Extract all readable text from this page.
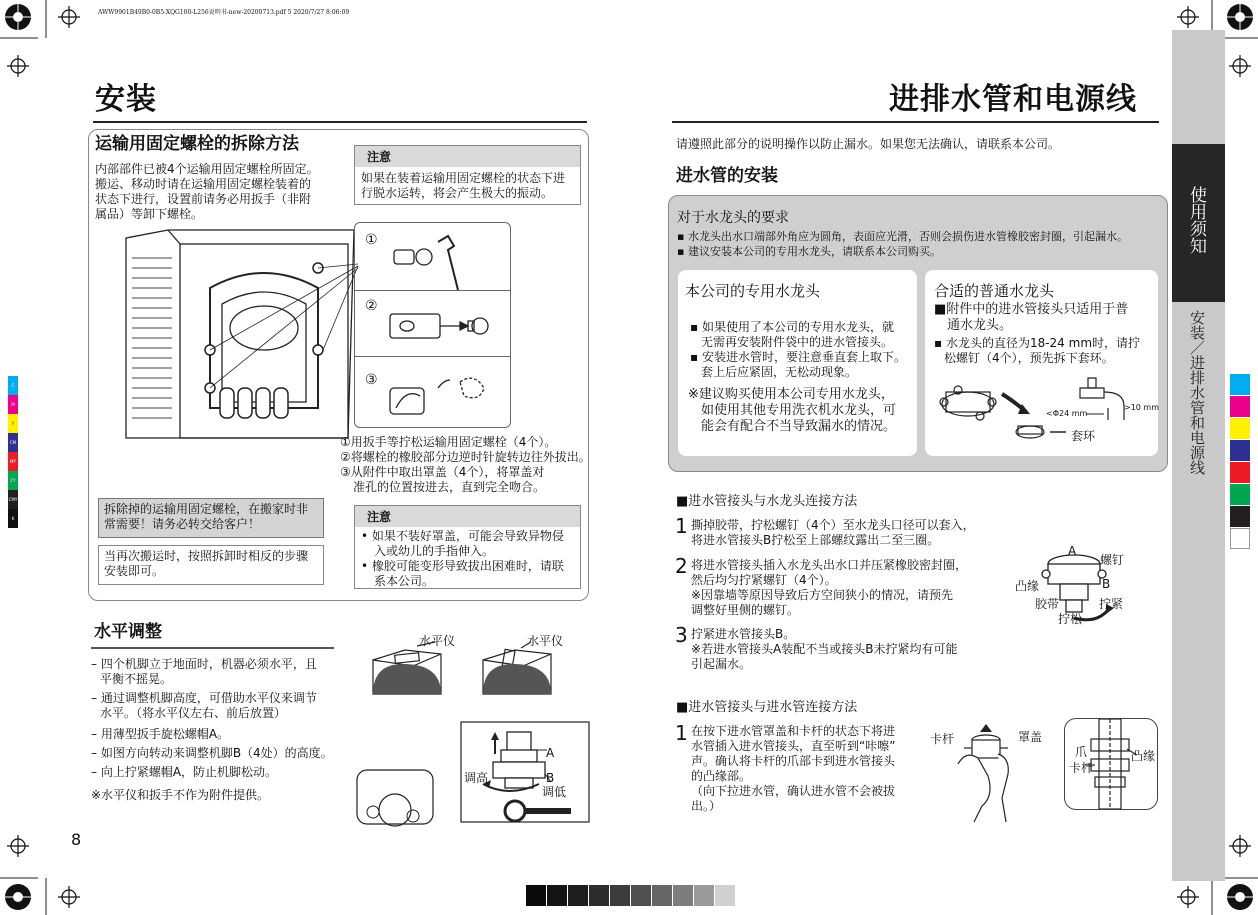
AWW9901B49B0-0B5-XQG100-L256说明书-new-20200713.pdf 5 2020/7/27 8:06:09
C
M
Y
CM
MY
CY
CMY
K
安装
运输用固定螺栓的拆除方法
内部部件已被4个运输用固定螺栓所固定。
搬运、移动时请在运输用固定螺栓装着的
状态下进行，设置前请务必用扳手（非附
属品）等卸下螺栓。
注意
如果在装着运输用固定螺栓的状态下进
行脱水运转，将会产生极大的振动。
①
②
③
①用扳手等拧松运输用固定螺栓（4个）。
②将螺栓的橡胶部分边逆时针旋转边往外拔出。
③从附件中取出罩盖（4个），将罩盖对
准孔的位置按进去，直到完全吻合。
拆除掉的运输用固定螺栓，在搬家时非
常需要！请务必转交给客户！
当再次搬运时，按照拆卸时相反的步骤
安装即可。
注意
• 如果不装好罩盖，可能会导致异物侵
入或幼儿的手指伸入。
• 橡胶可能变形导致拔出困难时，请联
系本公司。
水平调整
– 四个机脚立于地面时，机器必须水平，且
平衡不摇晃。
– 通过调整机脚高度，可借助水平仪来调节
水平。（将水平仪左右、前后放置）
– 用薄型扳手旋松螺帽A。
– 如图方向转动来调整机脚B（4处）的高度。
– 向上拧紧螺帽A，防止机脚松动。
※水平仪和扳手不作为附件提供。
水平仪	水平仪
A
调高	B
调低
8
进排水管和电源线
请遵照此部分的说明操作以防止漏水。如果您无法确认，请联系本公司。
进水管的安装
对于水龙头的要求
▪ 水龙头出水口端部外角应为圆角，表面应光滑，否则会损伤进水管橡胶密封圈，引起漏水。
▪ 建议安装本公司的专用水龙头，请联系本公司购买。
本公司的专用水龙头
▪ 如果使用了本公司的专用水龙头，就
无需再安装附件袋中的进水管接头。
▪ 安装进水管时，要注意垂直套上取下。
套上后应紧固，无松动现象。
※建议购买使用本公司专用水龙头，
如使用其他专用洗衣机水龙头，可
能会有配合不当导致漏水的情况。
合适的普通水龙头
■附件中的进水管接头只适用于普
通水龙头。
▪ 水龙头的直径为18-24 mm时，请拧
松螺钉（4个），预先拆下套环。
<Φ24 mm
>10 mm
套环
■进水管接头与水龙头连接方法
1 撕掉胶带，拧松螺钉（4个）至水龙头口径可以套入，
将进水管接头B拧松至上部螺纹露出二至三圈。
2 将进水管接头插入水龙头出水口并压紧橡胶密封圈，
然后均匀拧紧螺钉（4个）。
※因靠墙等原因导致后方空间狭小的情况，请预先
调整好里侧的螺钉。
3 拧紧进水管接头B。
※若进水管接头A装配不当或接头B未拧紧均有可能
引起漏水。
A
螺钉
凸缘	B
胶带	拧紧
拧松
■进水管接头与进水管连接方法
1 在按下进水管罩盖和卡杆的状态下将进
水管插入进水管接头，直至听到“咔嚓”
声。确认将卡杆的爪部卡到进水管接头
的凸缘部。
（向下拉进水管，确认进水管不会被拔
出。）
卡杆	罩盖
爪	凸缘
卡杆
使用须知
安装／进排水管和电源线
